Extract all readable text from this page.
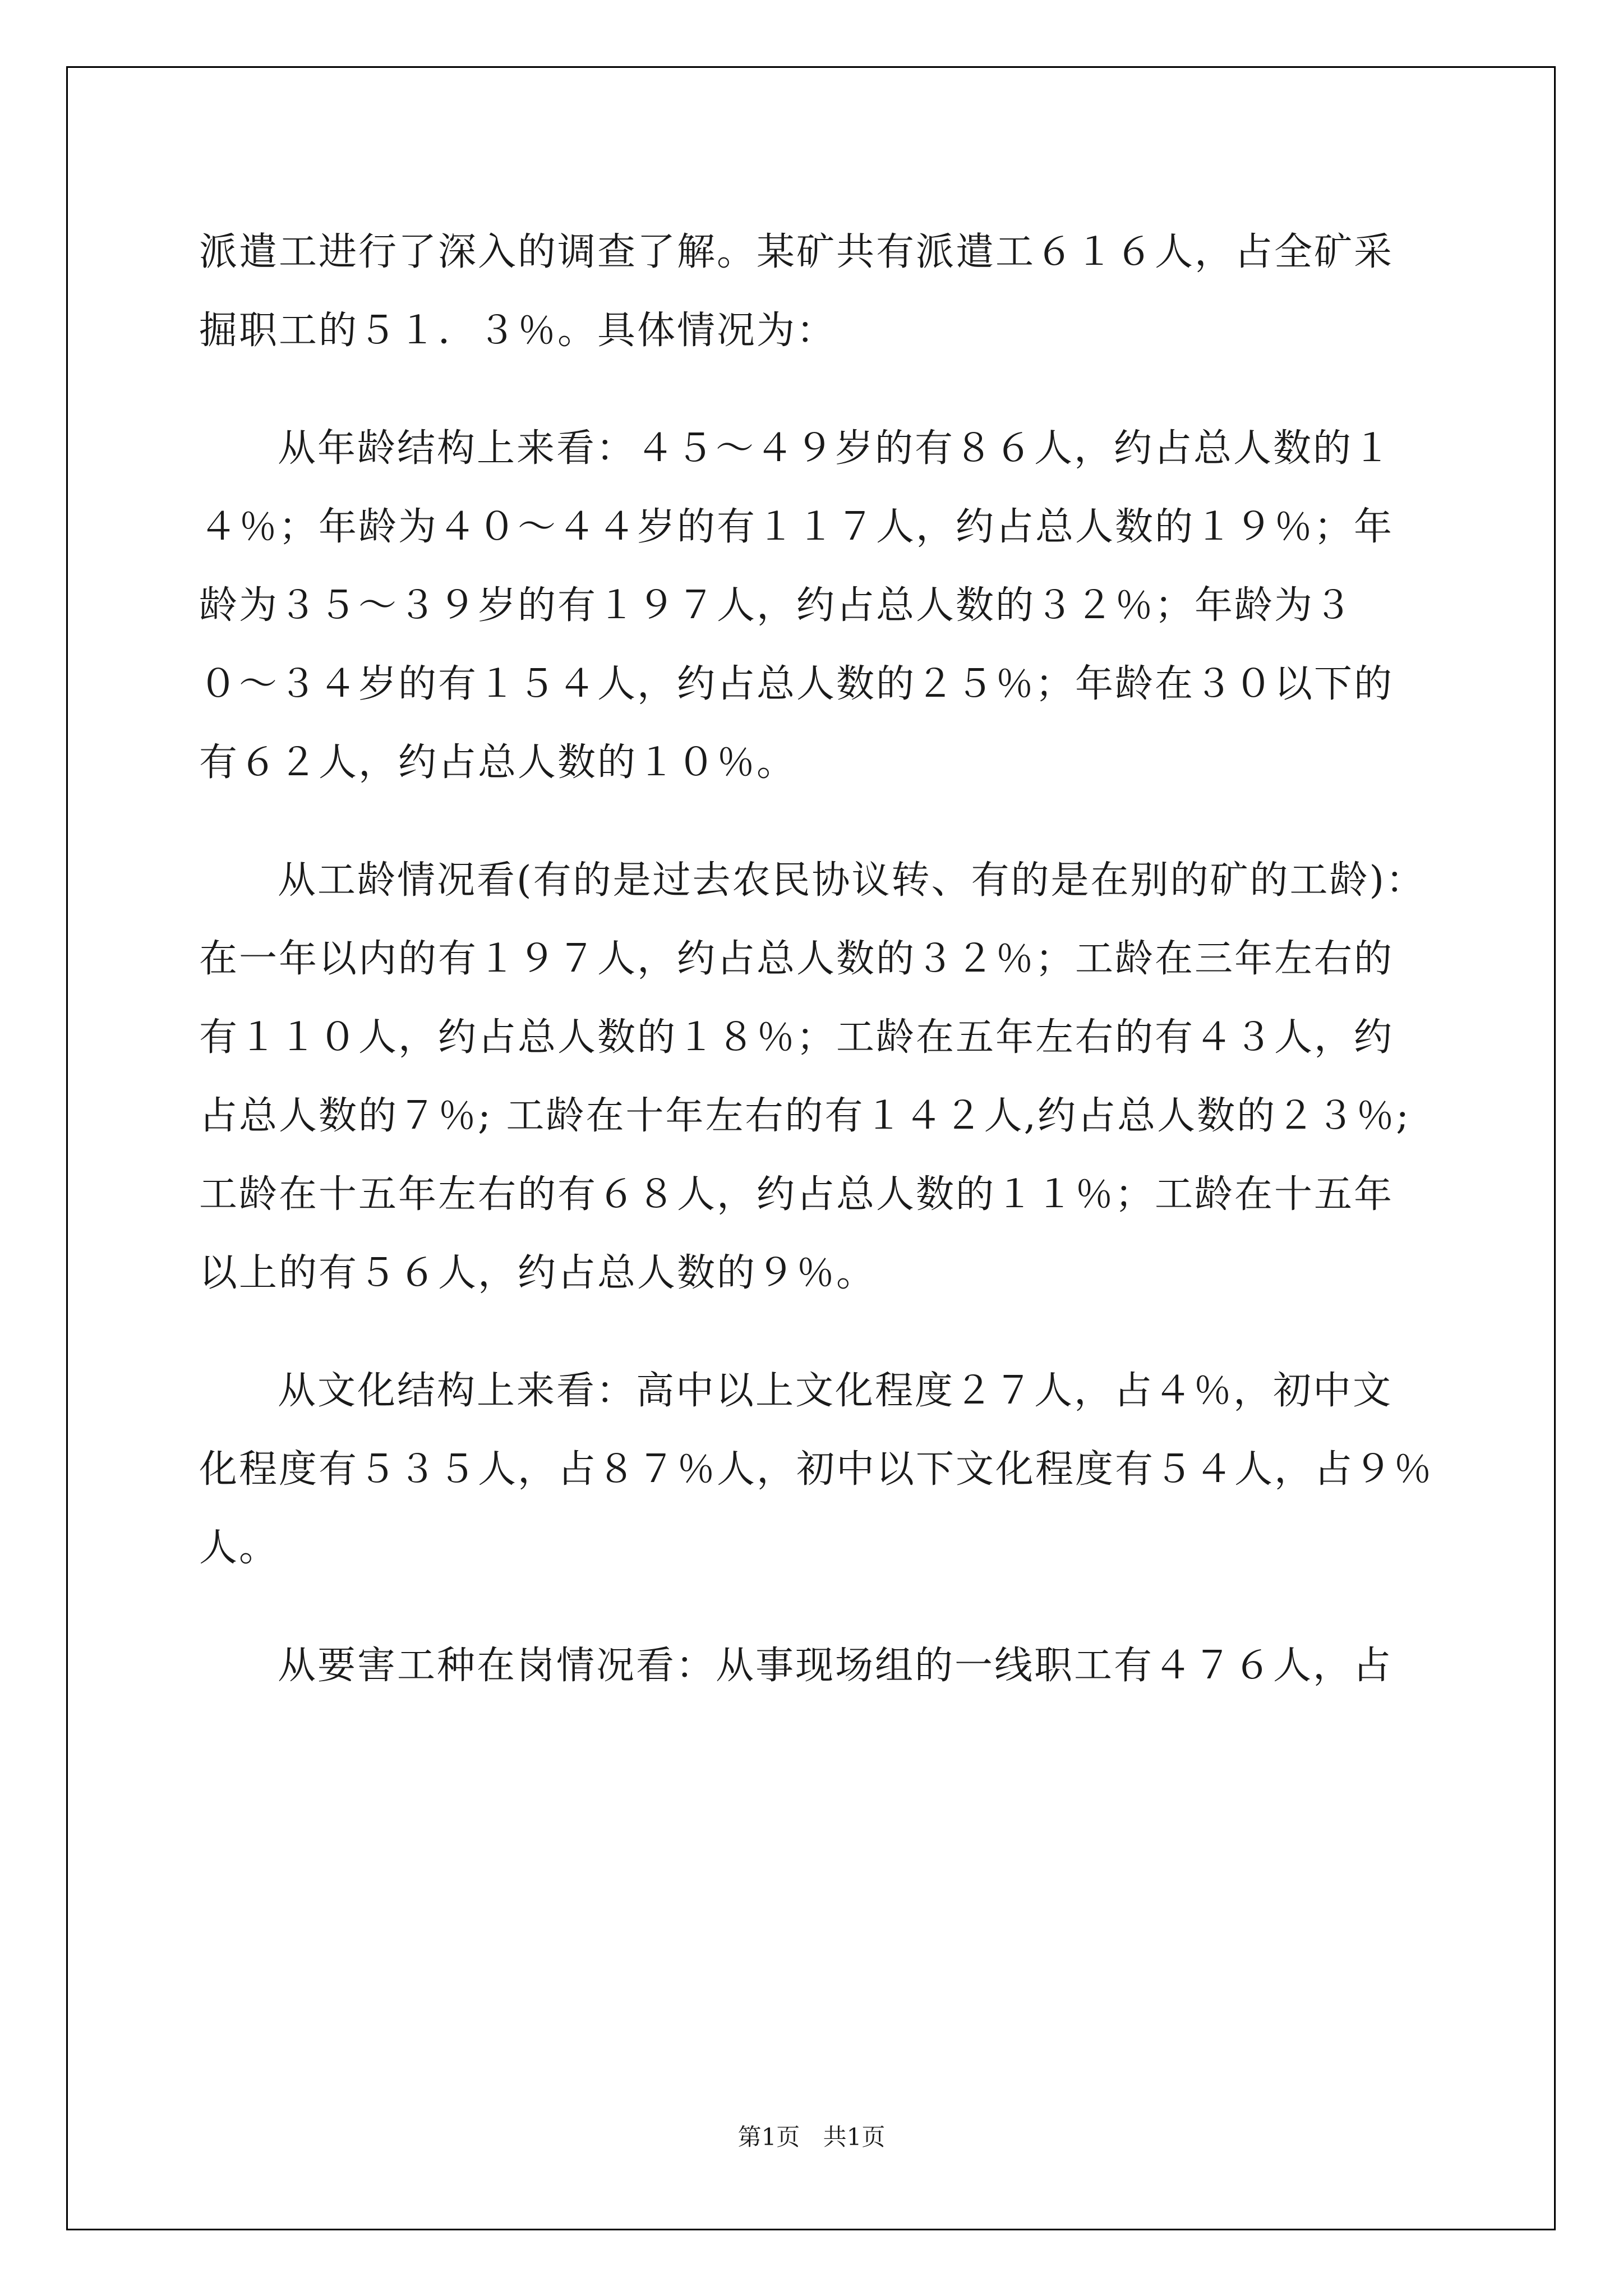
派遣工进行了深入的调查了解。某矿共有派遣工６１６人，占全矿采
掘职工的５１．３％。具体情况为：
从年龄结构上来看：４５～４９岁的有８６人，约占总人数的１
４％；年龄为４０～４４岁的有１１７人，约占总人数的１９％；年
龄为３５～３９岁的有１９７人，约占总人数的３２％；年龄为３
０～３４岁的有１５４人，约占总人数的２５％；年龄在３０以下的
有６２人，约占总人数的１０％。
从工龄情况看(有的是过去农民协议转、有的是在别的矿的工龄)：
在一年以内的有１９７人，约占总人数的３２％；工龄在三年左右的
有１１０人，约占总人数的１８％；工龄在五年左右的有４３人，约
占总人数的７％; 工龄在十年左右的有１４２人,约占总人数的２３％;
工龄在十五年左右的有６８人，约占总人数的１１％；工龄在十五年
以上的有５６人，约占总人数的９％。
从文化结构上来看：高中以上文化程度２７人，占４％，初中文
化程度有５３５人，占８７％人，初中以下文化程度有５４人，占９％
人。
从要害工种在岗情况看：从事现场组的一线职工有４７６人，占
第1页 共1页
